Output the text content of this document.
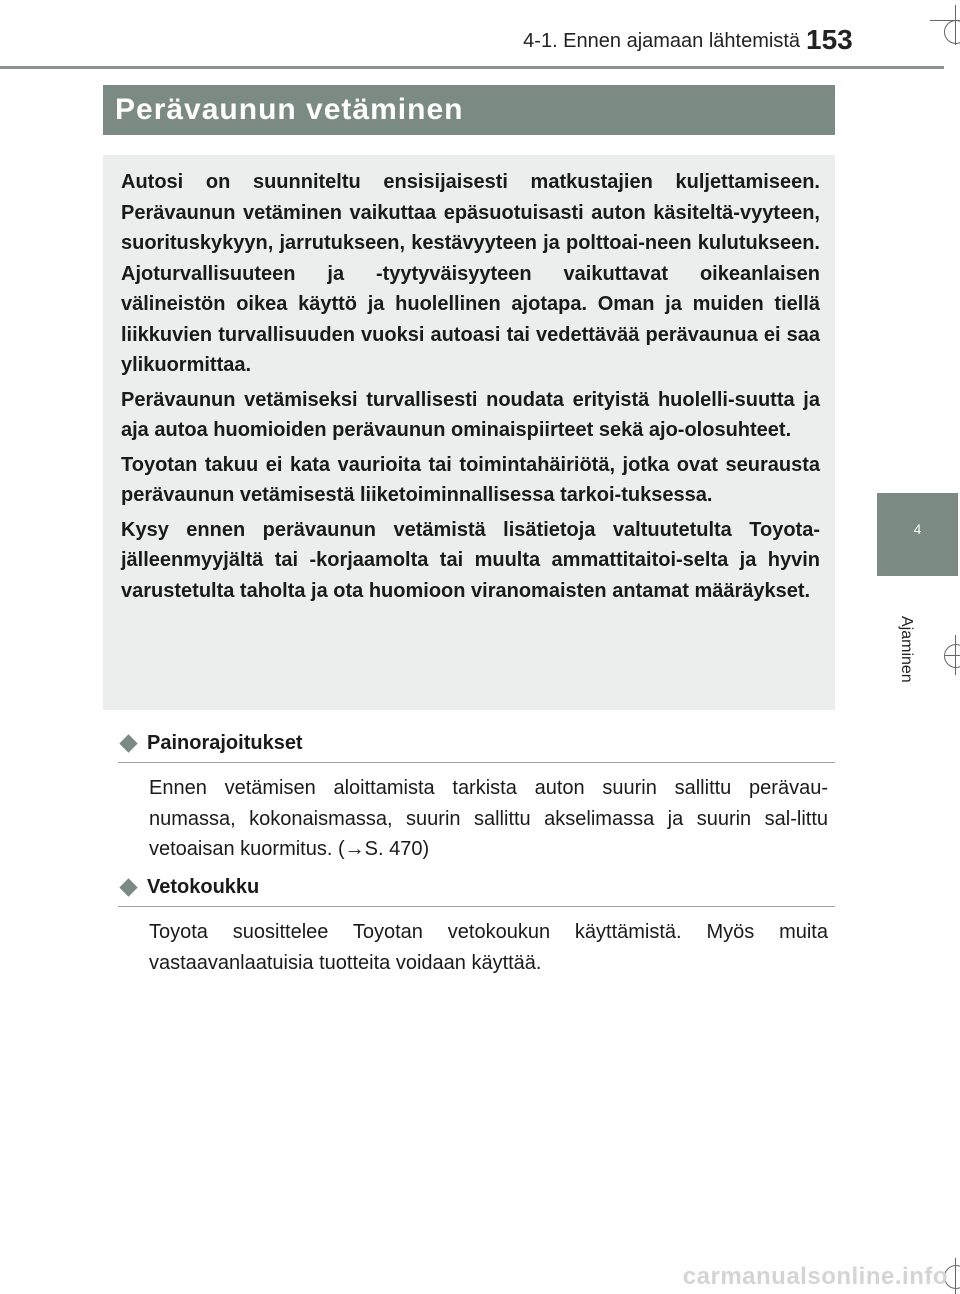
4-1. Ennen ajamaan lähtemistä 153
Perävaunun vetäminen

Autosi on suunniteltu ensisijaisesti matkustajien kuljettamiseen. Perävaunun vetäminen vaikuttaa epäsuotuisasti auton käsiteltä-vyyteen, suorituskykyyn, jarrutukseen, kestävyyteen ja polttoai-neen kulutukseen. Ajoturvallisuuteen ja -tyytyväisyyteen vaikuttavat oikeanlaisen välineistön oikea käyttö ja huolellinen ajotapa. Oman ja muiden tiellä liikkuvien turvallisuuden vuoksi autoasi tai vedettävää perävaunua ei saa ylikuormittaa.

Perävaunun vetämiseksi turvallisesti noudata erityistä huolelli-suutta ja aja autoa huomioiden perävaunun ominaispiirteet sekä ajo-olosuhteet.

Toyotan takuu ei kata vaurioita tai toimintahäiriötä, jotka ovat seurausta perävaunun vetämisestä liiketoiminnallisessa tarkoi-tuksessa.

Kysy ennen perävaunun vetämistä lisätietoja valtuutetulta Toyota-jälleenmyyjältä tai -korjaamolta tai muulta ammattitaitoi-selta ja hyvin varustetulta taholta ja ota huomioon viranomaisten antamat määräykset.

Painorajoitukset

Ennen vetämisen aloittamista tarkista auton suurin sallittu perävau-numassa, kokonaismassa, suurin sallittu akselimassa ja suurin sal-littu vetoaisan kuormitus. (→S. 470)

Vetokoukku

Toyota suosittelee Toyotan vetokoukun käyttämistä. Myös muita vastaavanlaatuisia tuotteita voidaan käyttää.

4
Ajaminen
carmanualsonline.info
